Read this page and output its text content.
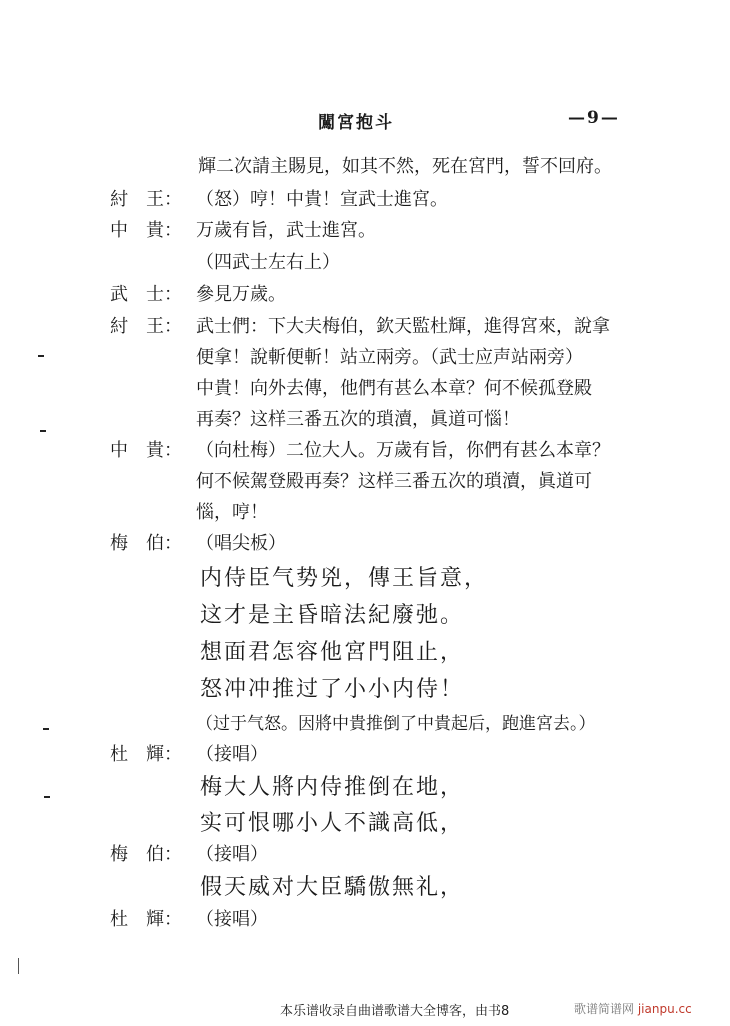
闖宮抱斗	—9—
輝二次請主賜見，如其不然，死在宮門，誓不回府。
紂　王： （怒）哼！中貴！宣武士進宮。
中　貴： 万歲有旨，武士進宮。
（四武士左右上）
武　士： 參見万歲。
紂　王： 武士們：下大夫梅伯，欽天監杜輝，進得宮來，說拿
便拿！說斬便斬！站立兩旁。（武士应声站兩旁）
中貴！向外去傳，他們有甚么本章？何不候孤登殿
再奏？这样三番五次的瑣瀆，眞道可惱！
中　貴： （向杜梅）二位大人。万歲有旨，你們有甚么本章？
何不候駕登殿再奏？这样三番五次的瑣瀆，眞道可
惱，哼！
梅　伯： （唱尖板）
内侍臣气势兇，傳王旨意，
这才是主昏暗法紀廢弛。
想面君怎容他宮門阻止，
怒冲冲推过了小小内侍！
（过于气怒。因將中貴推倒了中貴起后，跑進宮去。）
杜　輝： （接唱）
梅大人將内侍推倒在地，
实可恨哪小人不識高低，
梅　伯： （接唱）
假天威对大臣驕傲無礼，
杜　輝： （接唱）
本乐谱收录自曲谱歌谱大全博客，由书8	歌谱简谱网 jianpu.cc
